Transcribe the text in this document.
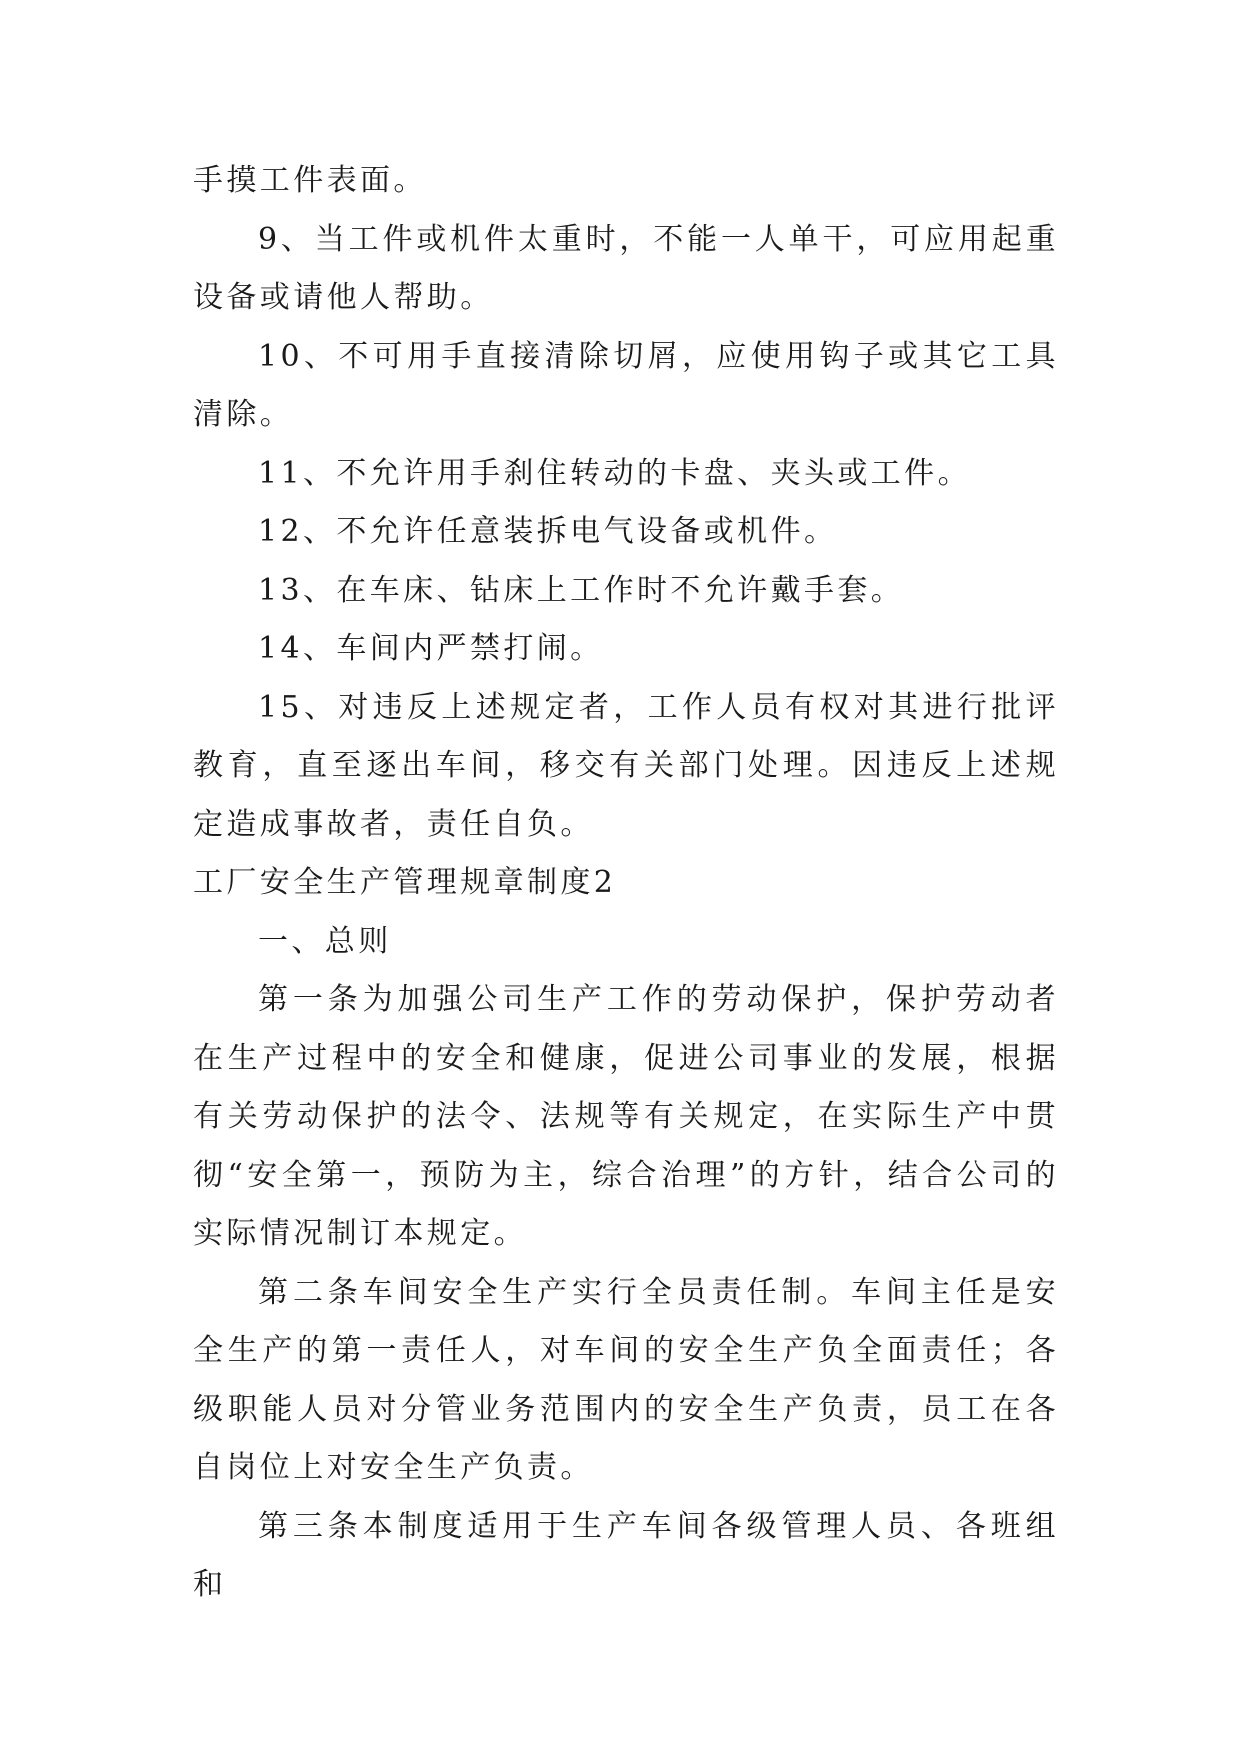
手摸工件表面。

9、当工件或机件太重时，不能一人单干，可应用起重设备或请他人帮助。

10、不可用手直接清除切屑，应使用钩子或其它工具清除。

11、不允许用手刹住转动的卡盘、夹头或工件。

12、不允许任意装拆电气设备或机件。

13、在车床、钻床上工作时不允许戴手套。

14、车间内严禁打闹。

15、对违反上述规定者，工作人员有权对其进行批评教育，直至逐出车间，移交有关部门处理。因违反上述规定造成事故者，责任自负。

工厂安全生产管理规章制度2

一、总则

第一条为加强公司生产工作的劳动保护，保护劳动者在生产过程中的安全和健康，促进公司事业的发展，根据有关劳动保护的法令、法规等有关规定，在实际生产中贯彻“安全第一，预防为主，综合治理”的方针，结合公司的实际情况制订本规定。

第二条车间安全生产实行全员责任制。车间主任是安全生产的第一责任人，对车间的安全生产负全面责任；各级职能人员对分管业务范围内的安全生产负责，员工在各自岗位上对安全生产负责。

第三条本制度适用于生产车间各级管理人员、各班组和
